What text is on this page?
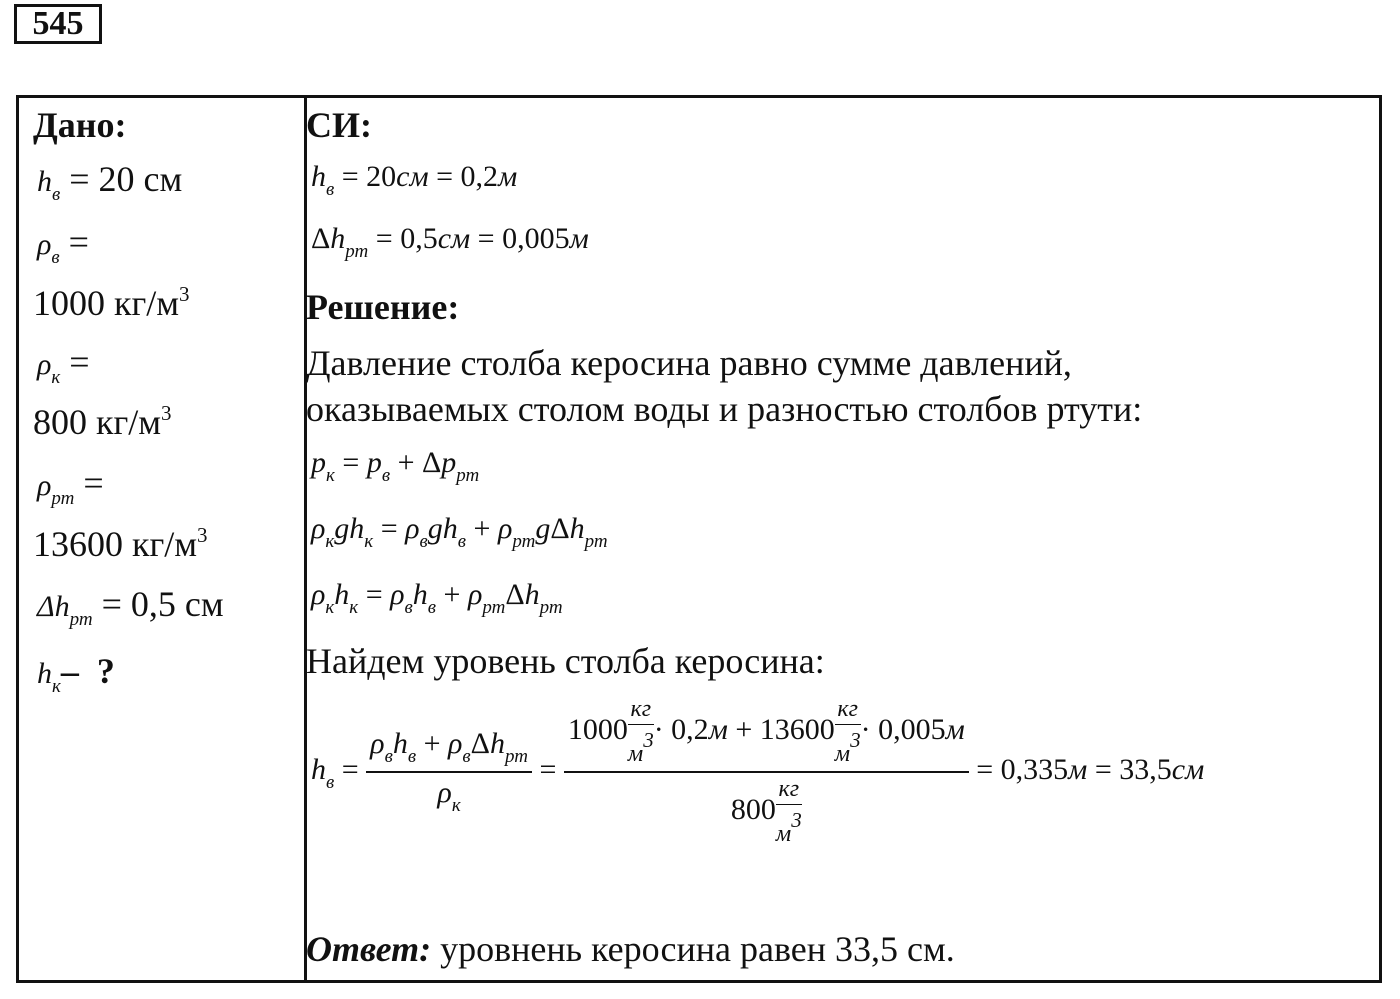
545
Дано:
$h_в = 20$ см
$\rho_в$ =
1000 $кг/м^3$
$\rho_к$ =
800 $кг/м^3$
$\rho_{рт}$ =
13600 $кг/м^3$
$\Delta h_{рт} = 0,5$ см
$h_к-$  ?
СИ:
$h_в = 20см = 0,2м$
$\Delta h_{рт} = 0,5см = 0,005м$
Решение:
Давление столба керосина равно сумме давлений,
оказываемых столом воды и разностью столбов ртути:
$p_к = p_в + \Delta p_{рт}$
$\rho_кgh_к = \rho_вgh_в + \rho_{рт}g\Delta h_{рт}$
$\rho_кh_к = \rho_вh_в + \rho_{рт}\Delta h_{рт}$
Найдем уровень столба керосина:
$h_в = \frac{\rho_вh_в + \rho_в\Delta h_{рт}}{\rho_к} = \frac{1000 \frac{кг}{м^3} \cdot 0,2м + 13600 \frac{кг}{м^3} \cdot 0,005м}{800 \frac{кг}{м^3}} = 0,335м = 33,5см$
Ответ: уровнень керосина равен 33,5 см.
